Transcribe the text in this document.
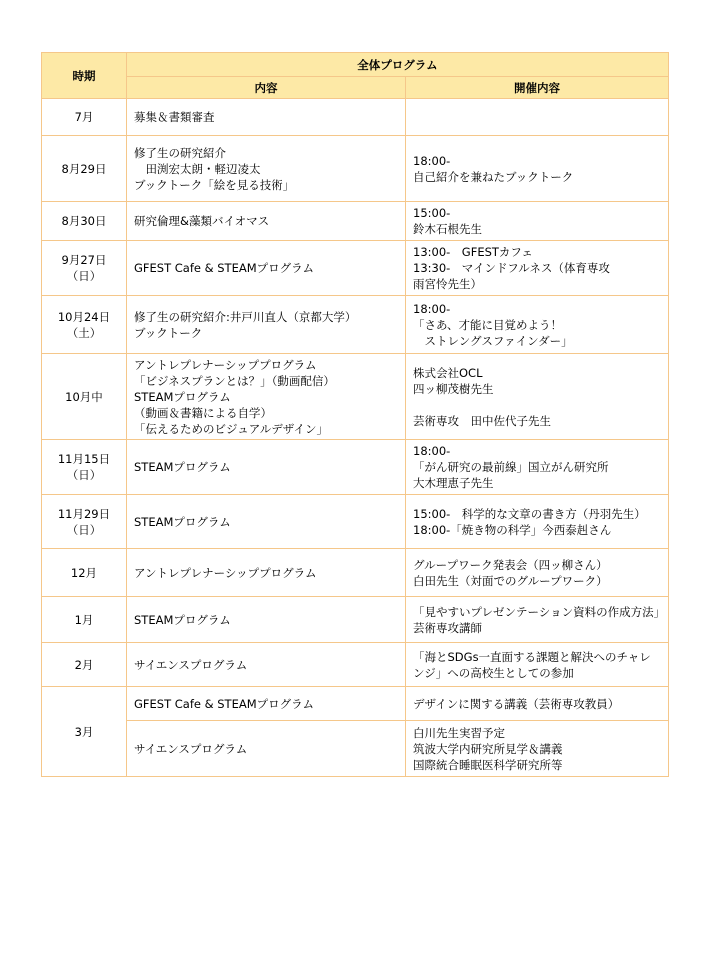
時期	全体プログラム	
	内容	開催内容
7月	募集＆書類審査	
8月29日	修了生の研究紹介
　田渕宏太朗・軽辺凌太
ブックトーク「絵を見る技術」	18:00-
自己紹介を兼ねたブックトーク
8月30日	研究倫理&藻類バイオマス	15:00-
鈴木石根先生
9月27日
（日）	GFEST Cafe & STEAMプログラム	13:00-　GFESTカフェ
13:30-　マインドフルネス（体育専攻
雨宮怜先生）
10月24日
（土）	修了生の研究紹介:井戸川直人（京都大学）
ブックトーク	18:00-
「さあ、才能に目覚めよう！
　ストレングスファインダー」
10月中	アントレプレナーシッププログラム
「ビジネスプランとは？」（動画配信）
STEAMプログラム
（動画＆書籍による自学）
「伝えるためのビジュアルデザイン」	株式会社OCL
四ッ柳茂樹先生

芸術専攻　田中佐代子先生
11月15日
（日）	STEAMプログラム	18:00-
「がん研究の最前線」国立がん研究所
大木理恵子先生
11月29日
（日）	STEAMプログラム	15:00-　科学的な文章の書き方（丹羽先生）
18:00-「焼き物の科学」今西泰赳さん
12月	アントレプレナーシッププログラム	グループワーク発表会（四ッ柳さん）
白田先生（対面でのグループワーク）
1月	STEAMプログラム	「見やすいプレゼンテーション資料の作成方法」芸術専攻講師
2月	サイエンスプログラム	「海とSDGs一直面する課題と解決へのチャレンジ」への高校生としての参加
3月	GFEST Cafe & STEAMプログラム	デザインに関する講義（芸術専攻教員）
	サイエンスプログラム	白川先生実習予定
筑波大学内研究所見学＆講義
国際統合睡眠医科学研究所等
